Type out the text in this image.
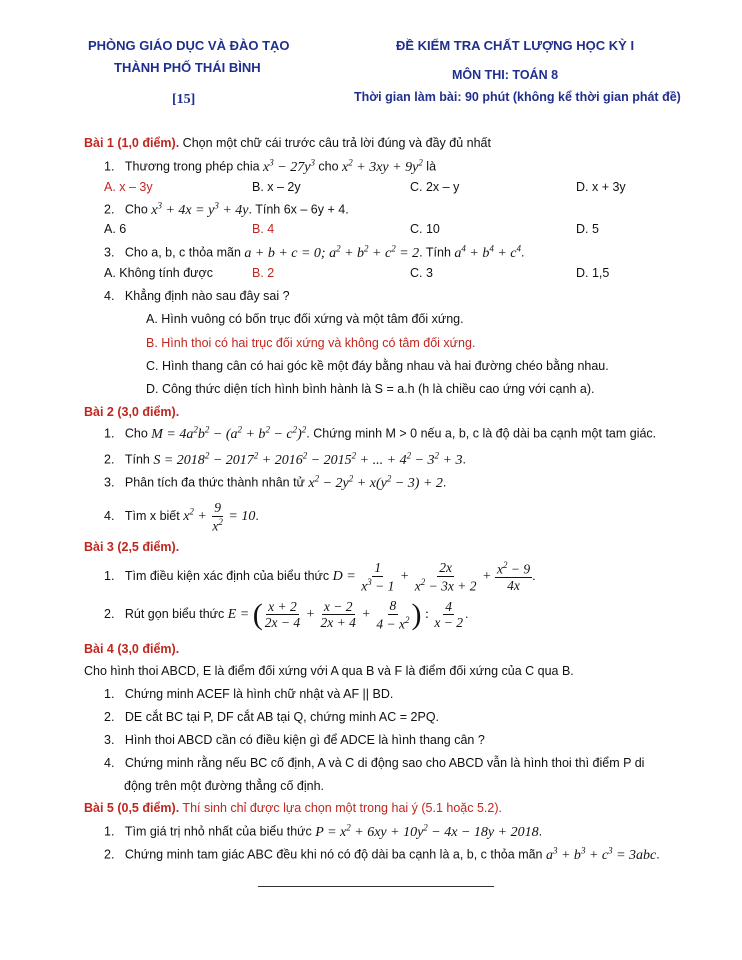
PHÒNG GIÁO DỤC VÀ ĐÀO TẠO
THÀNH PHỐ THÁI BÌNH
[15]
ĐỀ KIỂM TRA CHẤT LƯỢNG HỌC KỲ I
MÔN THI: TOÁN 8
Thời gian làm bài: 90 phút (không kể thời gian phát đề)
Bài 1 (1,0 điểm). Chọn một chữ cái trước câu trả lời đúng và đầy đủ nhất
1. Thương trong phép chia $x^3 - 27y^3$ cho $x^2 + 3xy + 9y^2$ là
A. x – 3y	B. x – 2y	C. 2x – y	D. x + 3y
2. Cho $x^3 + 4x = y^3 + 4y$. Tính 6x – 6y + 4.
A. 6	B. 4	C. 10	D. 5
3. Cho a, b, c thỏa mãn a + b + c = 0; $a^2 + b^2 + c^2 = 2$. Tính $a^4 + b^4 + c^4$.
A. Không tính được	B. 2	C. 3	D. 1,5
4. Khẳng định nào sau đây sai ?
A. Hình vuông có bốn trục đối xứng và một tâm đối xứng.
B. Hình thoi có hai trục đối xứng và không có tâm đối xứng.
C. Hình thang cân có hai góc kề một đáy bằng nhau và hai đường chéo bằng nhau.
D. Công thức diện tích hình bình hành là S = a.h (h là chiều cao ứng với cạnh a).
Bài 2 (3,0 điểm).
1. Cho $M = 4a^2b^2 - (a^2 + b^2 - c^2)^2$. Chứng minh M > 0 nếu a, b, c là độ dài ba cạnh một tam giác.
2. Tính $S = 2018^2 - 2017^2 + 2016^2 - 2015^2$ + ... + $4^2 - 3^2 + 3$.
3. Phân tích đa thức thành nhân tử $x^2 - 2y^2 + x(y^2 - 3) + 2$.
4. Tìm x biết $x^2 + \frac{9}{x^2} = 10$.
Bài 3 (2,5 điểm).
1. Tìm điều kiện xác định của biểu thức $D = \frac{1}{x^3 - 1} + \frac{2x}{x^2 - 3x + 2} + \frac{x^2 - 9}{4x}$ .
2. Rút gọn biểu thức E = ( $\frac{x + 2}{2x - 4} + \frac{x - 2}{2x + 4} + \frac{8}{4 - x^2}$ ) : $\frac{4}{x - 2}$ .
Bài 4 (3,0 điểm).
Cho hình thoi ABCD, E là điểm đối xứng với A qua B và F là điểm đối xứng của C qua B.
1. Chứng minh ACEF là hình chữ nhật và AF || BD.
2. DE cắt BC tại P, DF cắt AB tại Q, chứng minh AC = 2PQ.
3. Hình thoi ABCD cần có điều kiện gì để ADCE là hình thang cân ?
4. Chứng minh rằng nếu BC cố định, A và C di động sao cho ABCD vẫn là hình thoi thì điểm P di
động trên một đường thẳng cố định.
Bài 5 (0,5 điểm). Thí sinh chỉ được lựa chọn một trong hai ý (5.1 hoặc 5.2).
1. Tìm giá trị nhỏ nhất của biểu thức $P = x^2 + 6xy + 10y^2 - 4x - 18y + 2018$.
2. Chứng minh tam giác ABC đều khi nó có độ dài ba cạnh là a, b, c thỏa mãn $a^3 + b^3 + c^3 = 3abc$.
